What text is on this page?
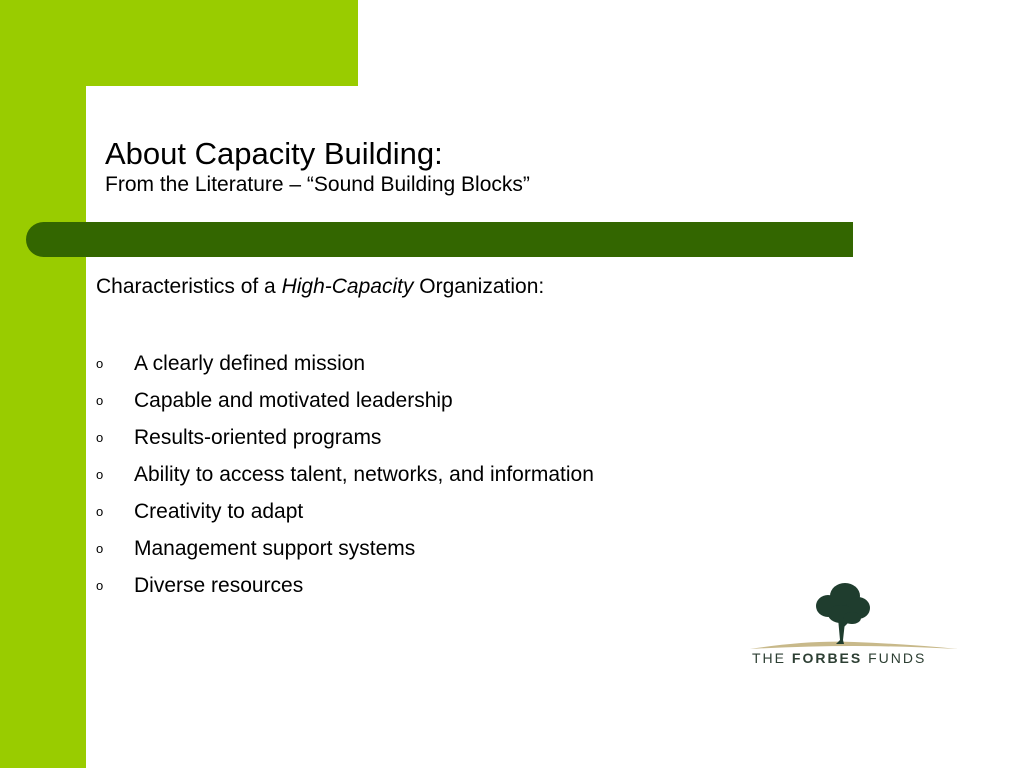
About Capacity Building:
From the Literature – “Sound Building Blocks”
Characteristics of a High-Capacity Organization:
o	A clearly defined mission
o	Capable and motivated leadership
o	Results-oriented programs
o	Ability to access talent, networks, and information
o	Creativity to adapt
o	Management support systems
o	Diverse resources
THE FORBES FUNDS
